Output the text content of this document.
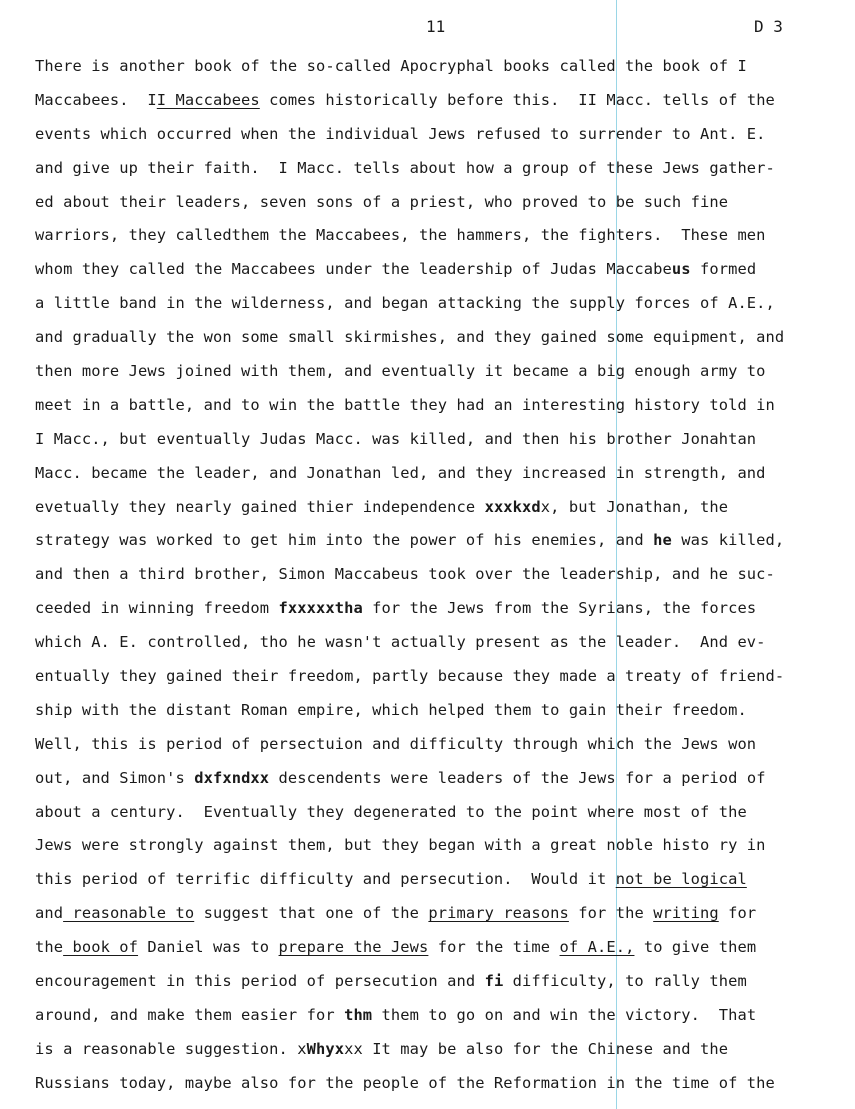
11	D 3
There is another book of the so-called Apocryphal books called the book of I
Maccabees.  II Maccabees comes historically before this.  II Macc. tells of the
events which occurred when the individual Jews refused to surrender to Ant. E.
and give up their faith.  I Macc. tells about how a group of these Jews gather-
ed about their leaders, seven sons of a priest, who proved to be such fine
warriors, they calledthem the Maccabees, the hammers, the fighters.  These men
whom they called the Maccabees under the leadership of Judas Maccabeus formed
a little band in the wilderness, and began attacking the supply forces of A.E.,
and gradually the won some small skirmishes, and they gained some equipment, and
then more Jews joined with them, and eventually it became a big enough army to
meet in a battle, and to win the battle they had an interesting history told in
I Macc., but eventually Judas Macc. was killed, and then his brother Jonahtan
Macc. became the leader, and Jonathan led, and they increased in strength, and
evetually they nearly gained thier independence xxxkxdx, but Jonathan, the
strategy was worked to get him into the power of his enemies, and he was killed,
and then a third brother, Simon Maccabeus took over the leadership, and he suc-
ceeded in winning freedom fxxxxxtha for the Jews from the Syrians, the forces
which A. E. controlled, tho he wasn't actually present as the leader.  And ev-
entually they gained their freedom, partly because they made a treaty of friend-
ship with the distant Roman empire, which helped them to gain their freedom.
Well, this is period of persectuion and difficulty through which the Jews won
out, and Simon's dxfxndxx descendents were leaders of the Jews for a period of
about a century.  Eventually they degenerated to the point where most of the
Jews were strongly against them, but they began with a great noble histo ry in
this period of terrific difficulty and persecution.  Would it not be logical
and reasonable to suggest that one of the primary reasons for the writing for
the book of Daniel was to prepare the Jews for the time of A.E., to give them
encouragement in this period of persecution and fi difficulty, to rally them
around, and make them easier for thm them to go on and win the victory.  That
is a reasonable suggestion. xWhyxxx It may be also for the Chinese and the
Russians today, maybe also for the people of the Reformation in the time of the
